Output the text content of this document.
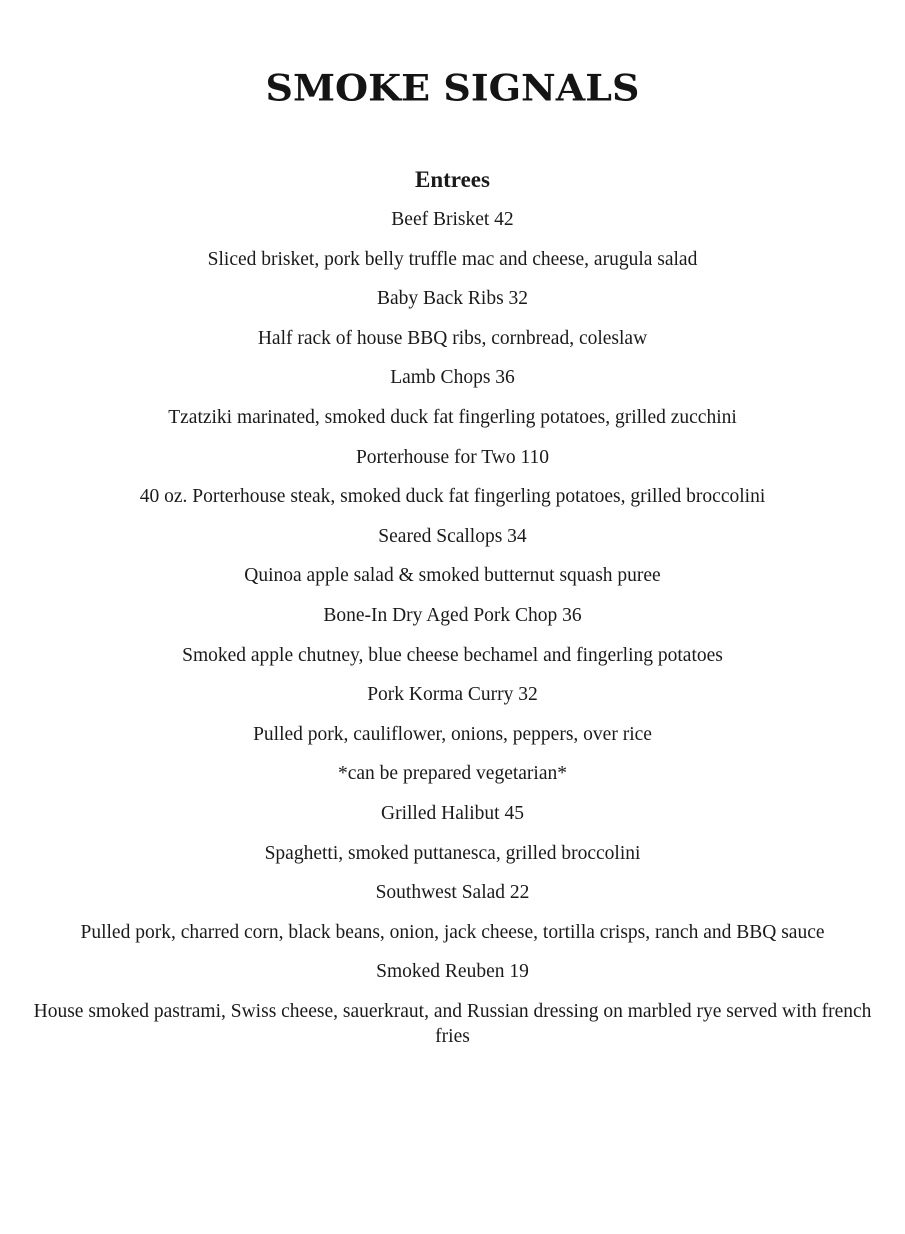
SMOKE SIGNALS
Entrees
Beef Brisket 42
Sliced brisket, pork belly truffle mac and cheese, arugula salad
Baby Back Ribs 32
Half rack of house BBQ ribs, cornbread, coleslaw
Lamb Chops 36
Tzatziki marinated, smoked duck fat fingerling potatoes, grilled zucchini
Porterhouse for Two 110
40 oz. Porterhouse steak, smoked duck fat fingerling potatoes, grilled broccolini
Seared Scallops 34
Quinoa apple salad & smoked butternut squash puree
Bone-In Dry Aged Pork Chop 36
Smoked apple chutney, blue cheese bechamel and fingerling potatoes
Pork Korma Curry 32
Pulled pork, cauliflower, onions, peppers, over rice
*can be prepared vegetarian*
Grilled Halibut 45
Spaghetti, smoked puttanesca, grilled broccolini
Southwest Salad 22
Pulled pork, charred corn, black beans, onion, jack cheese, tortilla crisps, ranch and BBQ sauce
Smoked Reuben 19
House smoked pastrami, Swiss cheese, sauerkraut, and Russian dressing on marbled rye served with french fries
